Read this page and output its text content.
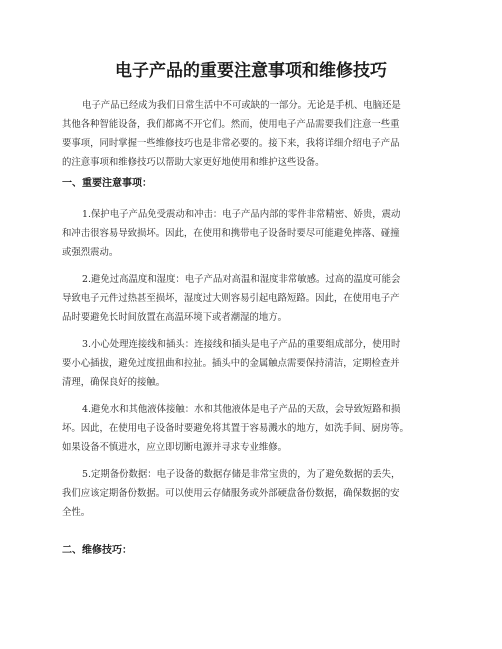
电子产品的重要注意事项和维修技巧

电子产品已经成为我们日常生活中不可或缺的一部分。无论是手机、电脑还是
其他各种智能设备，我们都离不开它们。然而，使用电子产品需要我们注意一些重
要事项，同时掌握一些维修技巧也是非常必要的。接下来，我将详细介绍电子产品
的注意事项和维修技巧以帮助大家更好地使用和维护这些设备。

一、重要注意事项：

1.保护电子产品免受震动和冲击：电子产品内部的零件非常精密、娇贵，震动
和冲击很容易导致损坏。因此，在使用和携带电子设备时要尽可能避免摔落、碰撞
或强烈震动。

2.避免过高温度和湿度：电子产品对高温和湿度非常敏感。过高的温度可能会
导致电子元件过热甚至损坏，湿度过大则容易引起电路短路。因此，在使用电子产
品时要避免长时间放置在高温环境下或者潮湿的地方。

3.小心处理连接线和插头：连接线和插头是电子产品的重要组成部分，使用时
要小心插拔，避免过度扭曲和拉扯。插头中的金属触点需要保持清洁，定期检查并
清理，确保良好的接触。

4.避免水和其他液体接触：水和其他液体是电子产品的天敌，会导致短路和损
坏。因此，在使用电子设备时要避免将其置于容易溅水的地方，如洗手间、厨房等。
如果设备不慎进水，应立即切断电源并寻求专业维修。

5.定期备份数据：电子设备的数据存储是非常宝贵的，为了避免数据的丢失，
我们应该定期备份数据。可以使用云存储服务或外部硬盘备份数据，确保数据的安
全性。

二、维修技巧：
